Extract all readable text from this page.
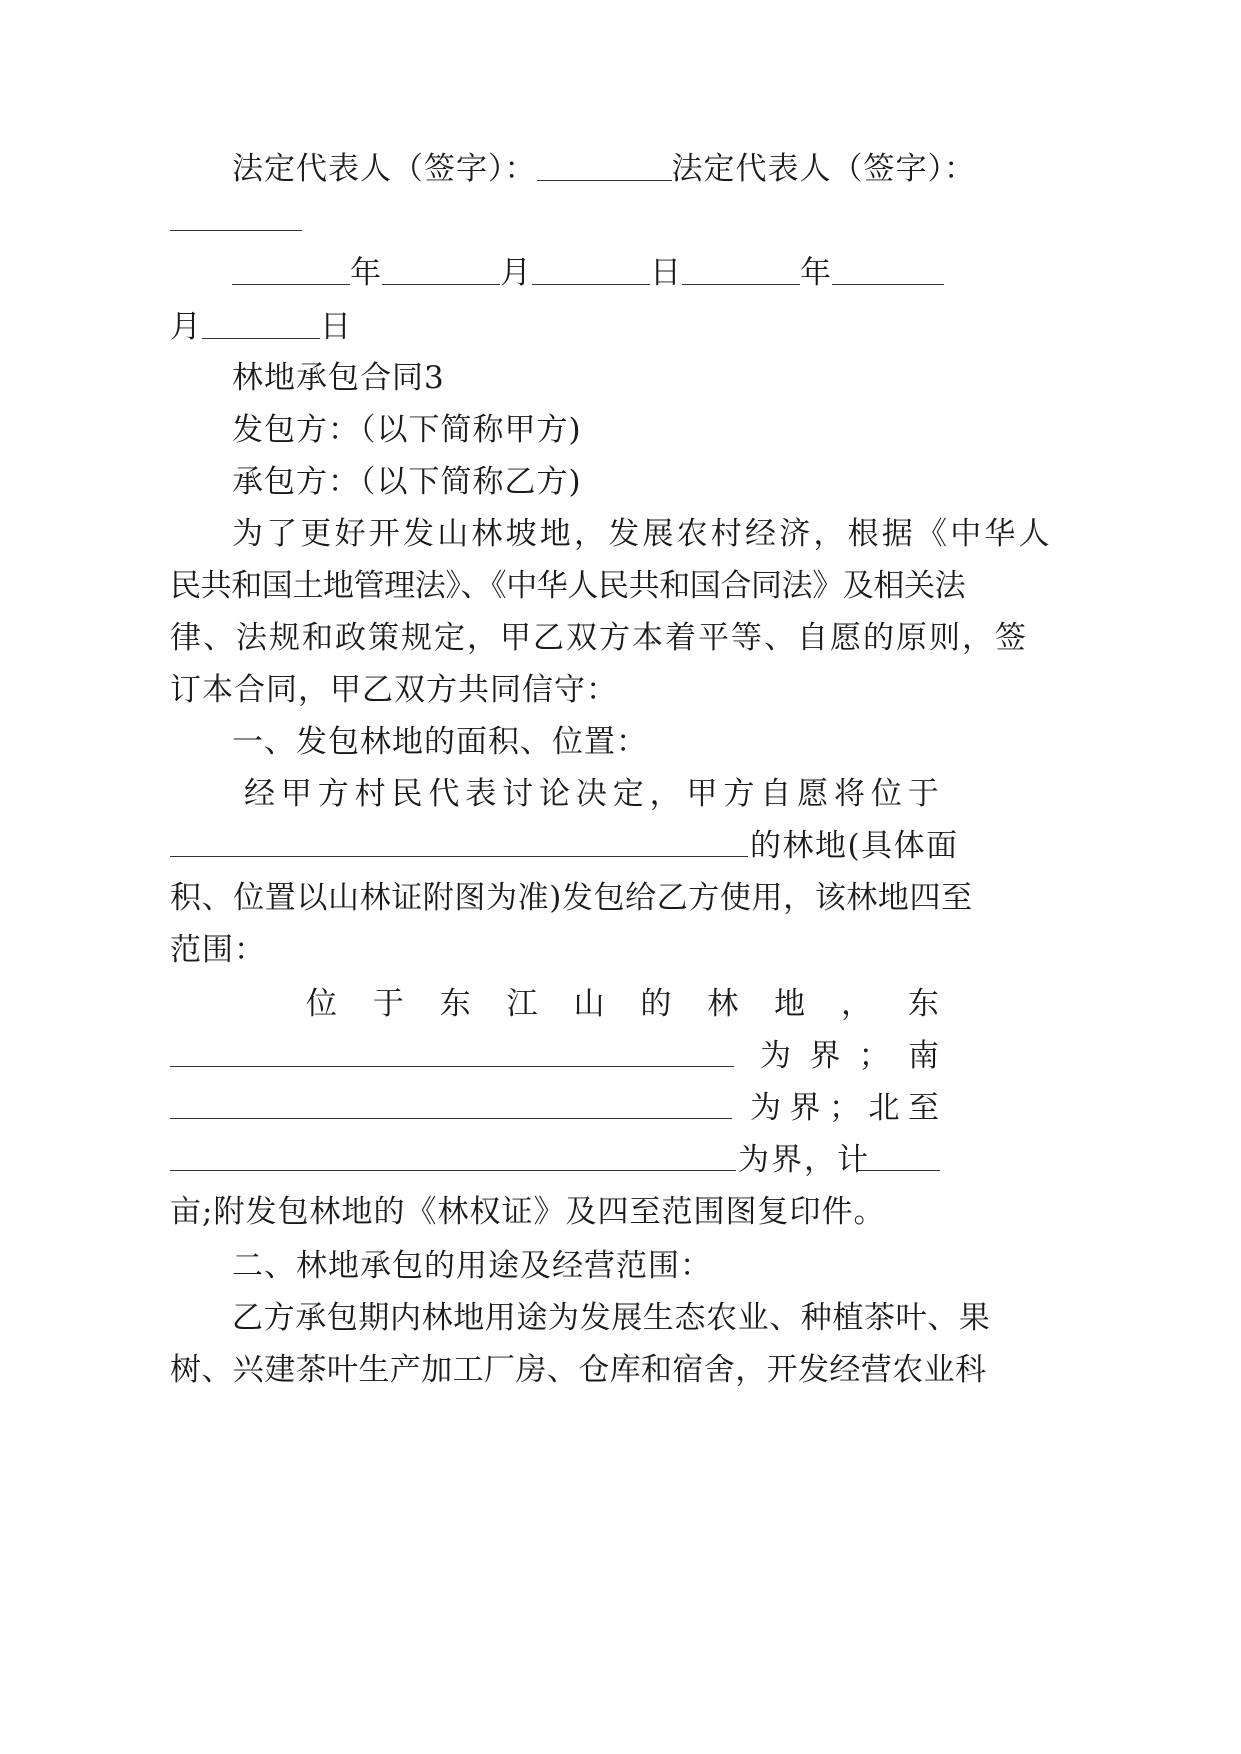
法定代表人（签字）：	法定代表人（签字）：
年	月	日	年
月	日
林地承包合同3
发包方：（以下简称甲方)
承包方：（以下简称乙方)
为了更好开发山林坡地，发展农村经济，根据《中华人
民共和国土地管理法》、《中华人民共和国合同法》及相关法
律、法规和政策规定，甲乙双方本着平等、自愿的原则，签
订本合同，甲乙双方共同信守：
一、发包林地的面积、位置：
经 甲 方 村 民 代 表 讨 论 决 定 ， 甲 方 自 愿 将 位 于
的林地(具体面
积、位置以山林证附图为准)发包给乙方使用，该林地四至
范围：
位 于 东 江 山 的 林 地 ， 东
为 界 ； 南
为 界 ； 北 至
为界，计
亩;附发包林地的《林权证》及四至范围图复印件。
二、林地承包的用途及经营范围：
乙方承包期内林地用途为发展生态农业、种植茶叶、果
树、兴建茶叶生产加工厂房、仓库和宿舍，开发经营农业科
